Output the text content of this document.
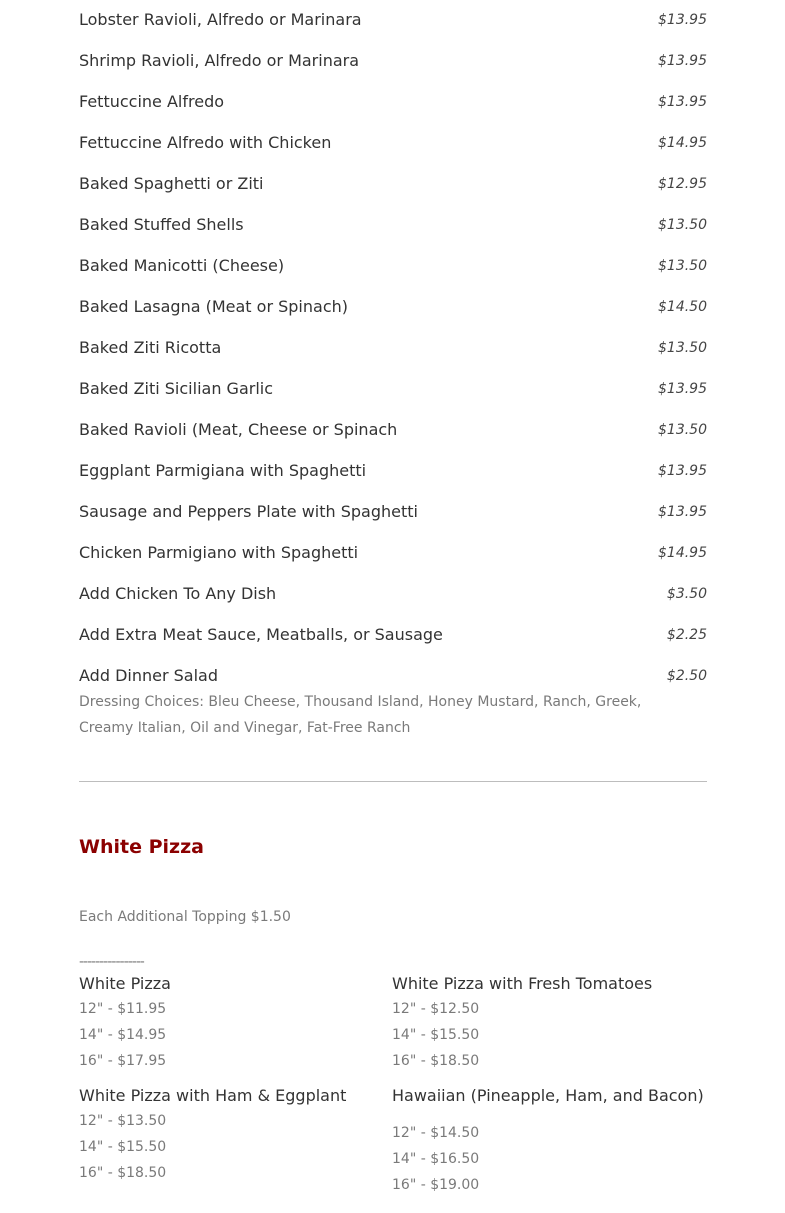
Lobster Ravioli, Alfredo or Marinara	$13.95
Shrimp Ravioli, Alfredo or Marinara	$13.95
Fettuccine Alfredo	$13.95
Fettuccine Alfredo with Chicken	$14.95
Baked Spaghetti or Ziti	$12.95
Baked Stuffed Shells	$13.50
Baked Manicotti (Cheese)	$13.50
Baked Lasagna (Meat or Spinach)	$14.50
Baked Ziti Ricotta	$13.50
Baked Ziti Sicilian Garlic	$13.95
Baked Ravioli (Meat, Cheese or Spinach	$13.50
Eggplant Parmigiana with Spaghetti	$13.95
Sausage and Peppers Plate with Spaghetti	$13.95
Chicken Parmigiano with Spaghetti	$14.95
Add Chicken To Any Dish	$3.50
Add Extra Meat Sauce, Meatballs, or Sausage	$2.25
Add Dinner Salad	$2.50
Dressing Choices: Bleu Cheese, Thousand Island, Honey Mustard, Ranch, Greek, Creamy Italian, Oil and Vinegar, Fat-Free Ranch
White Pizza
Each Additional Topping $1.50
----------------
White Pizza
12" - $11.95
14" - $14.95
16" - $17.95
White Pizza with Fresh Tomatoes
12" - $12.50
14" - $15.50
16" - $18.50
White Pizza with Ham & Eggplant
12" - $13.50
14" - $15.50
16" - $18.50
Hawaiian (Pineapple, Ham, and Bacon)
12" - $14.50
14" - $16.50
16" - $19.00
